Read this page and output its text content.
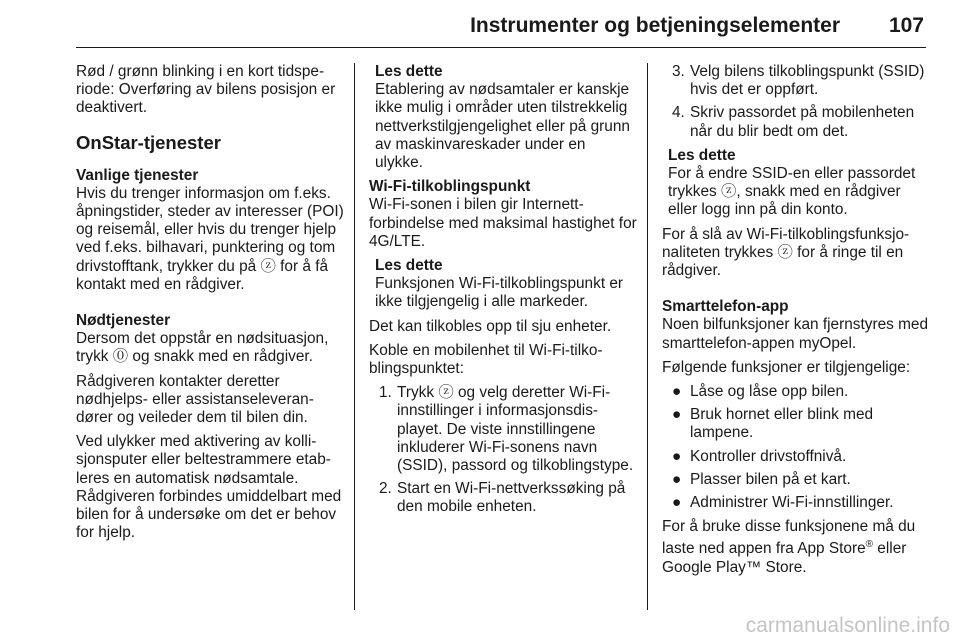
Instrumenter og betjeningselementer	107

Rød / grønn blinking i en kort tidsperiode: Overføring av bilens posisjon er deaktivert.

OnStar-tjenester
Vanlige tjenester

Hvis du trenger informasjon om f.eks. åpningstider, steder av interesser (POI) og reisemål, eller hvis du trenger hjelp ved f.eks. bilhavari, punktering og tom drivstofftank, trykker du på ⓩ for å få kontakt med en rådgiver.

Nødtjenester

Dersom det oppstår en nødsituasjon, trykk ⓪ og snakk med en rådgiver.

Rådgiveren kontakter deretter nødhjelps- eller assistanseleverandører og veileder dem til bilen din.

Ved ulykker med aktivering av kollisjonsputer eller beltestrammere etableres en automatisk nødsamtale. Rådgiveren forbindes umiddelbart med bilen for å undersøke om det er behov for hjelp.

Les dette
Etablering av nødsamtaler er kanskje ikke mulig i områder uten tilstrekkelig nettverkstilgjengelighet eller på grunn av maskinvareskader under en ulykke.
Wi-Fi-tilkoblingspunkt

Wi-Fi-sonen i bilen gir Internettforbindelse med maksimal hastighet for 4G/LTE.

Les dette
Funksjonen Wi-Fi-tilkoblingspunkt er ikke tilgjengelig i alle markeder.

Det kan tilkobles opp til sju enheter.

Koble en mobilenhet til Wi-Fi-tilkoblingspunktet:

1. Trykk ⓩ og velg deretter Wi-Fi-innstillinger i informasjonsdisplayet. De viste innstillingene inkluderer Wi-Fi-sonens navn (SSID), passord og tilkoblingstype.
2. Start en Wi-Fi-nettverkssøking på den mobile enheten.
3. Velg bilens tilkoblingspunkt (SSID) hvis det er oppført.
4. Skriv passordet på mobilenheten når du blir bedt om det.
Les dette
For å endre SSID-en eller passordet trykkes ⓩ, snakk med en rådgiver eller logg inn på din konto.

For å slå av Wi-Fi-tilkoblingsfunksjonaliteten trykkes ⓩ for å ringe til en rådgiver.

Smarttelefon-app

Noen bilfunksjoner kan fjernstyres med smarttelefon-appen myOpel.

Følgende funksjoner er tilgjengelige:

● Låse og låse opp bilen.
● Bruk hornet eller blink med lampene.
● Kontroller drivstoffnivå.
● Plasser bilen på et kart.
● Administrer Wi-Fi-innstillinger.

For å bruke disse funksjonene må du laste ned appen fra App Store® eller Google Play™ Store.

carmanualsonline.info
